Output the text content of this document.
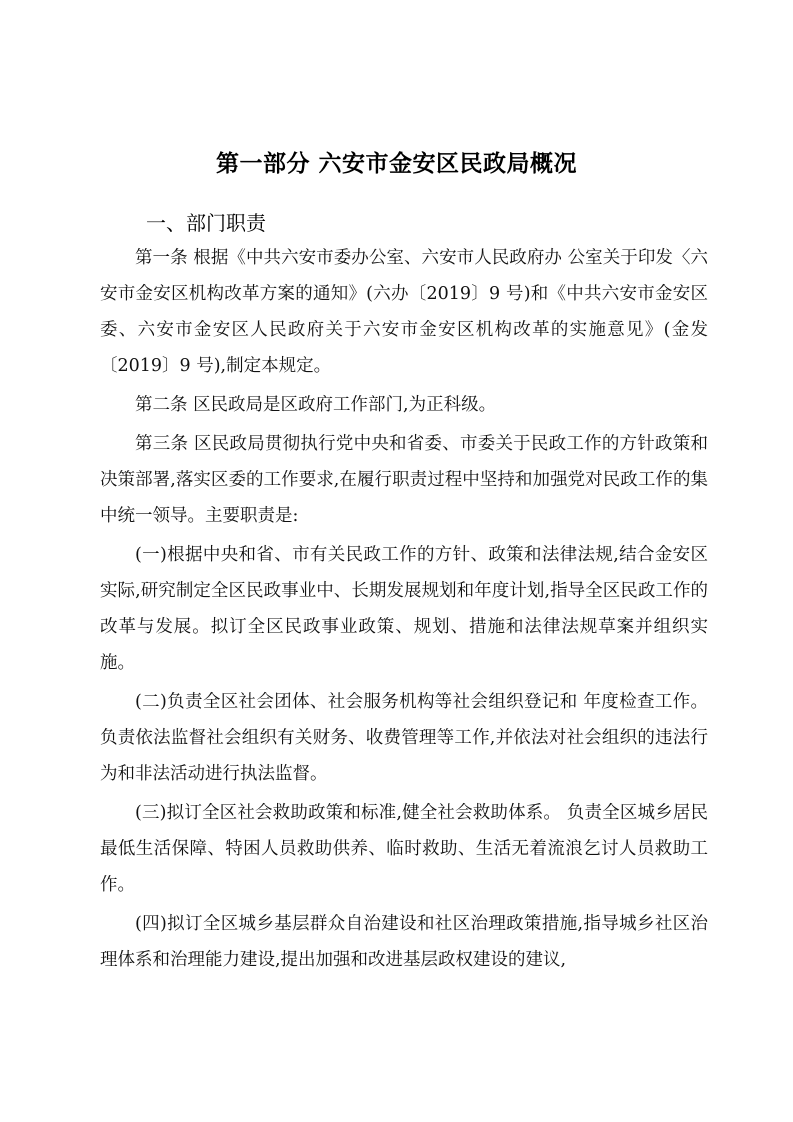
第一部分 六安市金安区民政局概况
一、部门职责

第一条 根据《中共六安市委办公室、六安市人民政府办 公室关于印发〈六安市金安区机构改革方案的通知》(六办〔2019〕9 号)和《中共六安市金安区委、六安市金安区人民政府关于六安市金安区机构改革的实施意见》(金发〔2019〕9 号),制定本规定。

第二条 区民政局是区政府工作部门,为正科级。

第三条 区民政局贯彻执行党中央和省委、市委关于民政工作的方针政策和决策部署,落实区委的工作要求,在履行职责过程中坚持和加强党对民政工作的集中统一领导。主要职责是:

(一)根据中央和省、市有关民政工作的方针、政策和法律法规,结合金安区实际,研究制定全区民政事业中、长期发展规划和年度计划,指导全区民政工作的改革与发展。拟订全区民政事业政策、规划、措施和法律法规草案并组织实施。

(二)负责全区社会团体、社会服务机构等社会组织登记和 年度检查工作。负责依法监督社会组织有关财务、收费管理等工作,并依法对社会组织的违法行为和非法活动进行执法监督。

(三)拟订全区社会救助政策和标准,健全社会救助体系。 负责全区城乡居民最低生活保障、特困人员救助供养、临时救助、生活无着流浪乞讨人员救助工作。

(四)拟订全区城乡基层群众自治建设和社区治理政策措施,指导城乡社区治理体系和治理能力建设,提出加强和改进基层政权建设的建议,
